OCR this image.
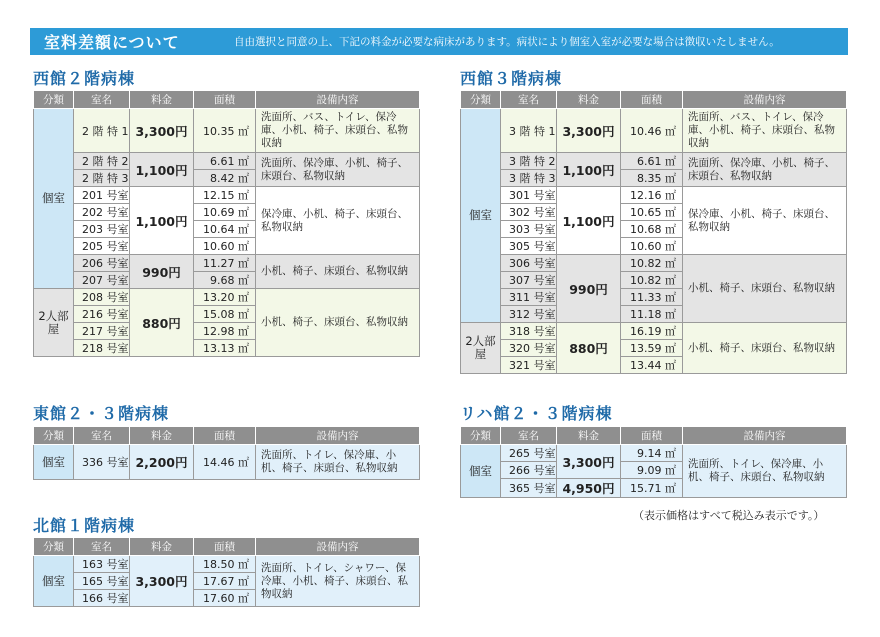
室料差額について	自由選択と同意の上、下記の料金が必要な病床があります。病状により個室入室が必要な場合は徴収いたしません。
西館２階病棟
分類	室名	料金	面積	設備内容
個室	2 階 特 1	3,300円	10.35 ㎡	洗面所、バス、トイレ、保冷庫、小机、椅子、床頭台、私物収納
	2 階 特 2	1,100円	6.61 ㎡	洗面所、保冷庫、小机、椅子、床頭台、私物収納
	2 階 特 3		8.42 ㎡	
	201 号室	1,100円	12.15 ㎡	保冷庫、小机、椅子、床頭台、私物収納
	202 号室		10.69 ㎡	
	203 号室		10.64 ㎡	
	205 号室		10.60 ㎡	
	206 号室	990円	11.27 ㎡	小机、椅子、床頭台、私物収納
	207 号室		9.68 ㎡	
2人部屋	208 号室	880円	13.20 ㎡	小机、椅子、床頭台、私物収納
	216 号室		15.08 ㎡	
	217 号室		12.98 ㎡	
	218 号室		13.13 ㎡	
西館３階病棟
分類	室名	料金	面積	設備内容
個室	3 階 特 1	3,300円	10.46 ㎡	洗面所、バス、トイレ、保冷庫、小机、椅子、床頭台、私物収納
	3 階 特 2	1,100円	6.61 ㎡	洗面所、保冷庫、小机、椅子、床頭台、私物収納
	3 階 特 3		8.35 ㎡	
	301 号室	1,100円	12.16 ㎡	保冷庫、小机、椅子、床頭台、私物収納
	302 号室		10.65 ㎡	
	303 号室		10.68 ㎡	
	305 号室		10.60 ㎡	
	306 号室	990円	10.82 ㎡	小机、椅子、床頭台、私物収納
	307 号室		10.82 ㎡	
	311 号室		11.33 ㎡	
	312 号室		11.18 ㎡	
2人部屋	318 号室	880円	16.19 ㎡	小机、椅子、床頭台、私物収納
	320 号室		13.59 ㎡	
	321 号室		13.44 ㎡	
東館２・３階病棟
分類	室名	料金	面積	設備内容
個室	336 号室	2,200円	14.46 ㎡	洗面所、トイレ、保冷庫、小机、椅子、床頭台、私物収納
リハ館２・３階病棟
分類	室名	料金	面積	設備内容
個室	265 号室	3,300円	9.14 ㎡	洗面所、トイレ、保冷庫、小机、椅子、床頭台、私物収納
	266 号室		9.09 ㎡	
	365 号室	4,950円	15.71 ㎡	
（表示価格はすべて税込み表示です。）
北館１階病棟
分類	室名	料金	面積	設備内容
個室	163 号室	3,300円	18.50 ㎡	洗面所、トイレ、シャワー、保冷庫、小机、椅子、床頭台、私物収納
	165 号室		17.67 ㎡	
	166 号室		17.60 ㎡	
